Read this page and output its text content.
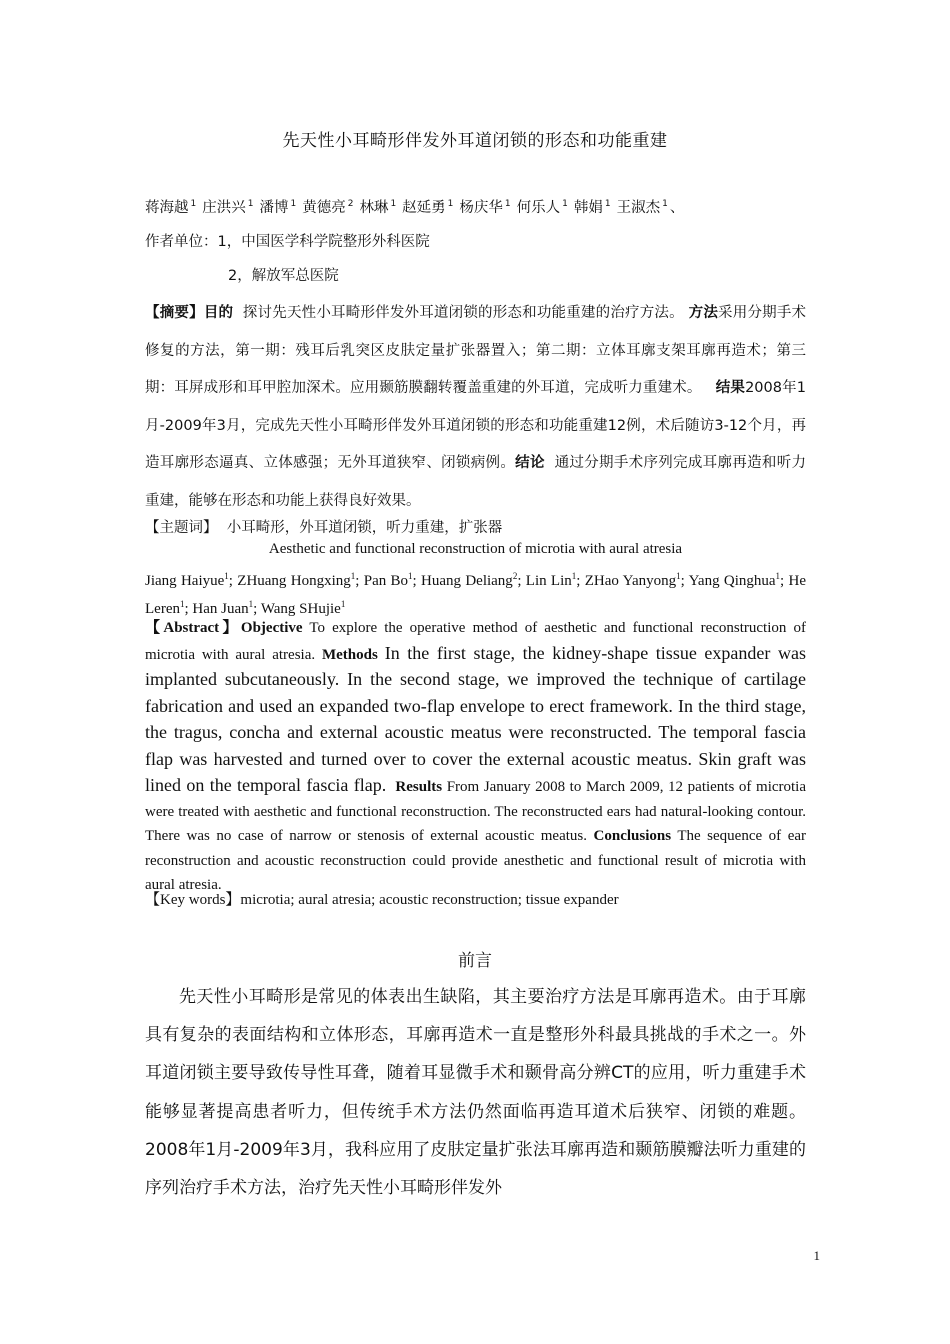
先天性小耳畸形伴发外耳道闭锁的形态和功能重建
蒋海越 $^1$ 庄洪兴 $^1$ 潘博 $^1$ 黄德亮 $^2$ 林琳 $^1$ 赵延勇 $^1$ 杨庆华 $^1$ 何乐人 $^1$ 韩娟 $^1$ 王淑杰 $^1$ 、
作者单位：1，中国医学科学院整形外科医院
2，解放军总医院
【摘要】目的 探讨先天性小耳畸形伴发外耳道闭锁的形态和功能重建的治疗方法。 方法采用分期手术修复的方法，第一期：残耳后乳突区皮肤定量扩张器置入；第二期：立体耳廓支架耳廓再造术；第三期：耳屏成形和耳甲腔加深术。应用颞筋膜翻转覆盖重建的外耳道，完成听力重建术。 结果2008年1月-2009年3月，完成先天性小耳畸形伴发外耳道闭锁的形态和功能重建12例，术后随访3-12个月，再造耳廓形态逼真、立体感强；无外耳道狭窄、闭锁病例。结论 通过分期手术序列完成耳廓再造和听力重建，能够在形态和功能上获得良好效果。
【主题词】 小耳畸形，外耳道闭锁，听力重建，扩张器
Aesthetic and functional reconstruction of microtia with aural atresia
Jiang Haiyue$^1$; ZHuang Hongxing$^1$; Pan Bo$^1$; Huang Deliang$^2$; Lin Lin$^1$; ZHao Yanyong$^1$; Yang Qinghua$^1$; He Leren$^1$; Han Juan$^1$; Wang SHujie$^1$
【Abstract】Objective To explore the operative method of aesthetic and functional reconstruction of microtia with aural atresia. Methods In the first stage, the kidney-shape tissue expander was implanted subcutaneously. In the second stage, we improved the technique of cartilage fabrication and used an expanded two-flap envelope to erect framework. In the third stage, the tragus, concha and external acoustic meatus were reconstructed. The temporal fascia flap was harvested and turned over to cover the external acoustic meatus. Skin graft was lined on the temporal fascia flap. Results From January 2008 to March 2009, 12 patients of microtia were treated with aesthetic and functional reconstruction. The reconstructed ears had natural-looking contour. There was no case of narrow or stenosis of external acoustic meatus. Conclusions The sequence of ear reconstruction and acoustic reconstruction could provide anesthetic and functional result of microtia with aural atresia.
【Key words】microtia; aural atresia; acoustic reconstruction; tissue expander
前言

先天性小耳畸形是常见的体表出生缺陷，其主要治疗方法是耳廓再造术。由于耳廓具有复杂的表面结构和立体形态，耳廓再造术一直是整形外科最具挑战的手术之一。外耳道闭锁主要导致传导性耳聋，随着耳显微手术和颞骨高分辨CT的应用，听力重建手术能够显著提高患者听力，但传统手术方法仍然面临再造耳道术后狭窄、闭锁的难题。2008年1月-2009年3月，我科应用了皮肤定量扩张法耳廓再造和颞筋膜瓣法听力重建的序列治疗手术方法，治疗先天性小耳畸形伴发外

1
